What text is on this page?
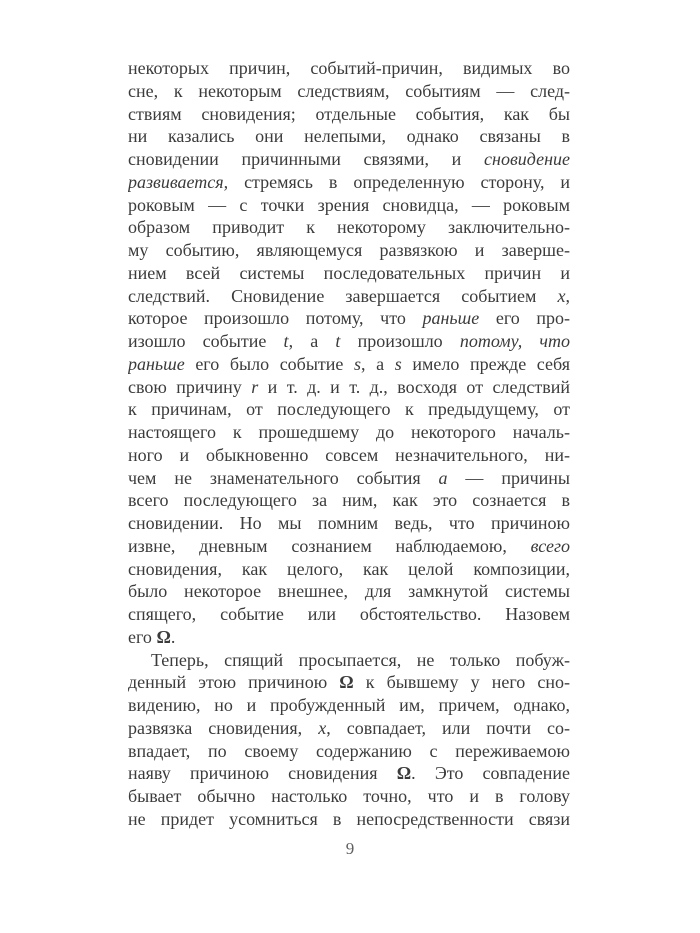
некоторых причин, событий-причин, видимых во
сне, к некоторым следствиям, событиям — след-
ствиям сновидения; отдельные события, как бы
ни казались они нелепыми, однако связаны в
сновидении причинными связями, и сновидение
развивается, стремясь в определенную сторону, и
роковым — с точки зрения сновидца, — роковым
образом приводит к некоторому заключительно-
му событию, являющемуся развязкою и заверше-
нием всей системы последовательных причин и
следствий. Сновидение завершается событием x,
которое произошло потому, что раньше его про-
изошло событие t, а t произошло потому, что
раньше его было событие s, а s имело прежде себя
свою причину r и т. д. и т. д., восходя от следствий
к причинам, от последующего к предыдущему, от
настоящего к прошедшему до некоторого началь-
ного и обыкновенно совсем незначительного, ни-
чем не знаменательного события a — причины
всего последующего за ним, как это сознается в
сновидении. Но мы помним ведь, что причиною
извне, дневным сознанием наблюдаемою, всего
сновидения, как целого, как целой композиции,
было некоторое внешнее, для замкнутой системы
спящего, событие или обстоятельство. Назовем
его Ω.
Теперь, спящий просыпается, не только побуж-
денный этою причиною Ω к бывшему у него сно-
видению, но и пробужденный им, причем, однако,
развязка сновидения, x, совпадает, или почти со-
впадает, по своему содержанию с переживаемою
наяву причиною сновидения Ω. Это совпадение
бывает обычно настолько точно, что и в голову
не придет усомниться в непосредственности связи
9
